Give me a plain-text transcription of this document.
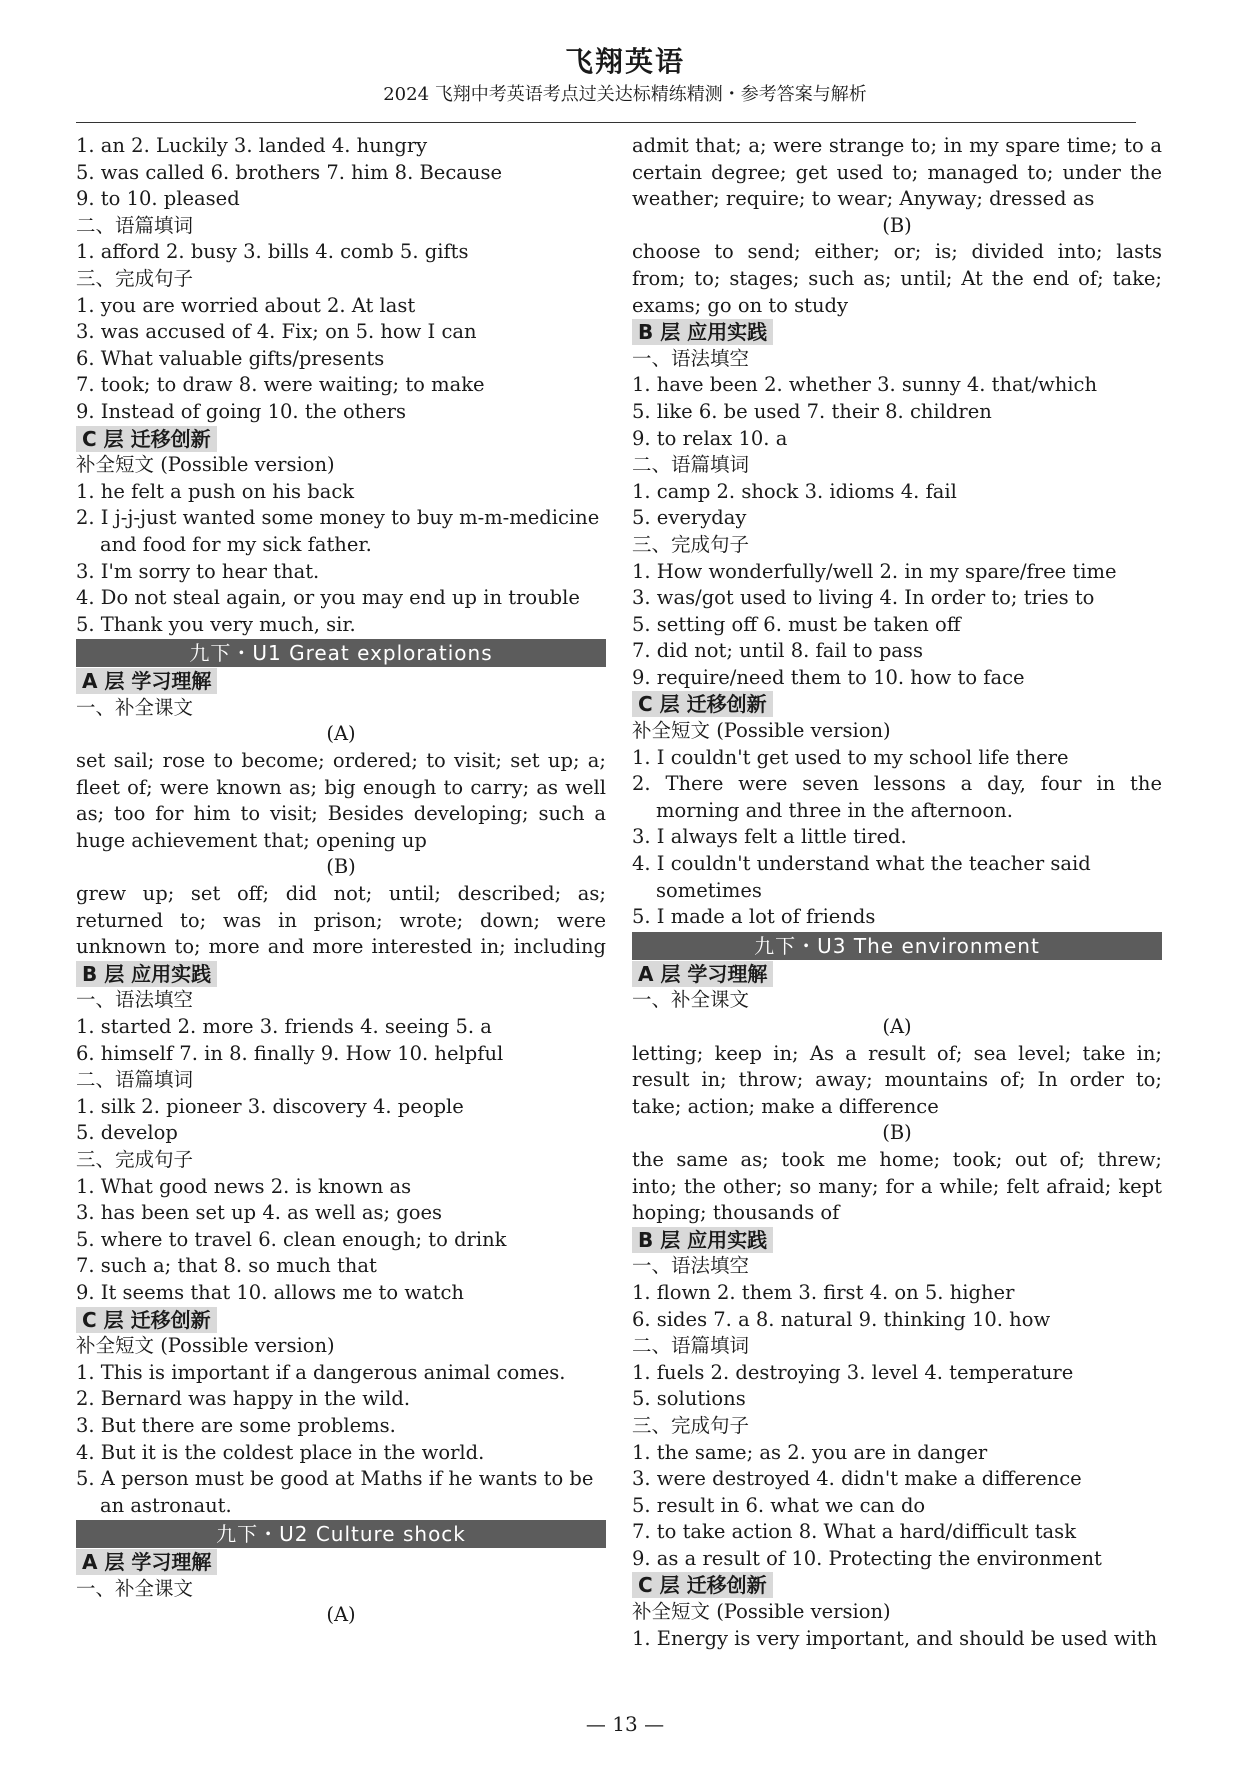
飞翔英语
2024 飞翔中考英语考点过关达标精练精测・参考答案与解析
1. an 2. Luckily 3. landed 4. hungry
5. was called 6. brothers 7. him 8. Because
9. to 10. pleased
二、语篇填词
1. afford 2. busy 3. bills 4. comb 5. gifts
三、完成句子
1. you are worried about 2. At last
3. was accused of 4. Fix; on 5. how I can
6. What valuable gifts/presents
7. took; to draw 8. were waiting; to make
9. Instead of going 10. the others
C 层 迁移创新
补全短文 (Possible version)
1. he felt a push on his back
2. I j-j-just wanted some money to buy m-m-medicine
and food for my sick father.
3. I'm sorry to hear that.
4. Do not steal again, or you may end up in trouble
5. Thank you very much, sir.
九下・U1 Great explorations
A 层 学习理解
一、补全课文
(A)
set sail; rose to become; ordered; to visit; set up; a;
fleet of; were known as; big enough to carry; as well
as; too for him to visit; Besides developing; such a
huge achievement that; opening up
(B)
grew up; set off; did not; until; described; as;
returned to; was in prison; wrote; down; were
unknown to; more and more interested in; including
B 层 应用实践
一、语法填空
1. started 2. more 3. friends 4. seeing 5. a
6. himself 7. in 8. finally 9. How 10. helpful
二、语篇填词
1. silk 2. pioneer 3. discovery 4. people
5. develop
三、完成句子
1. What good news 2. is known as
3. has been set up 4. as well as; goes
5. where to travel 6. clean enough; to drink
7. such a; that 8. so much that
9. It seems that 10. allows me to watch
C 层 迁移创新
补全短文 (Possible version)
1. This is important if a dangerous animal comes.
2. Bernard was happy in the wild.
3. But there are some problems.
4. But it is the coldest place in the world.
5. A person must be good at Maths if he wants to be
an astronaut.
九下・U2 Culture shock
A 层 学习理解
一、补全课文
(A)
admit that; a; were strange to; in my spare time; to a
certain degree; get used to; managed to; under the
weather; require; to wear; Anyway; dressed as
(B)
choose to send; either; or; is; divided into; lasts
from; to; stages; such as; until; At the end of; take;
exams; go on to study
B 层 应用实践
一、语法填空
1. have been 2. whether 3. sunny 4. that/which
5. like 6. be used 7. their 8. children
9. to relax 10. a
二、语篇填词
1. camp 2. shock 3. idioms 4. fail
5. everyday
三、完成句子
1. How wonderfully/well 2. in my spare/free time
3. was/got used to living 4. In order to; tries to
5. setting off 6. must be taken off
7. did not; until 8. fail to pass
9. require/need them to 10. how to face
C 层 迁移创新
补全短文 (Possible version)
1. I couldn't get used to my school life there
2. There were seven lessons a day, four in the
morning and three in the afternoon.
3. I always felt a little tired.
4. I couldn't understand what the teacher said
sometimes
5. I made a lot of friends
九下・U3 The environment
A 层 学习理解
一、补全课文
(A)
letting; keep in; As a result of; sea level; take in;
result in; throw; away; mountains of; In order to;
take; action; make a difference
(B)
the same as; took me home; took; out of; threw;
into; the other; so many; for a while; felt afraid; kept
hoping; thousands of
B 层 应用实践
一、语法填空
1. flown 2. them 3. first 4. on 5. higher
6. sides 7. a 8. natural 9. thinking 10. how
二、语篇填词
1. fuels 2. destroying 3. level 4. temperature
5. solutions
三、完成句子
1. the same; as 2. you are in danger
3. were destroyed 4. didn't make a difference
5. result in 6. what we can do
7. to take action 8. What a hard/difficult task
9. as a result of 10. Protecting the environment
C 层 迁移创新
补全短文 (Possible version)
1. Energy is very important, and should be used with
— 13 —
